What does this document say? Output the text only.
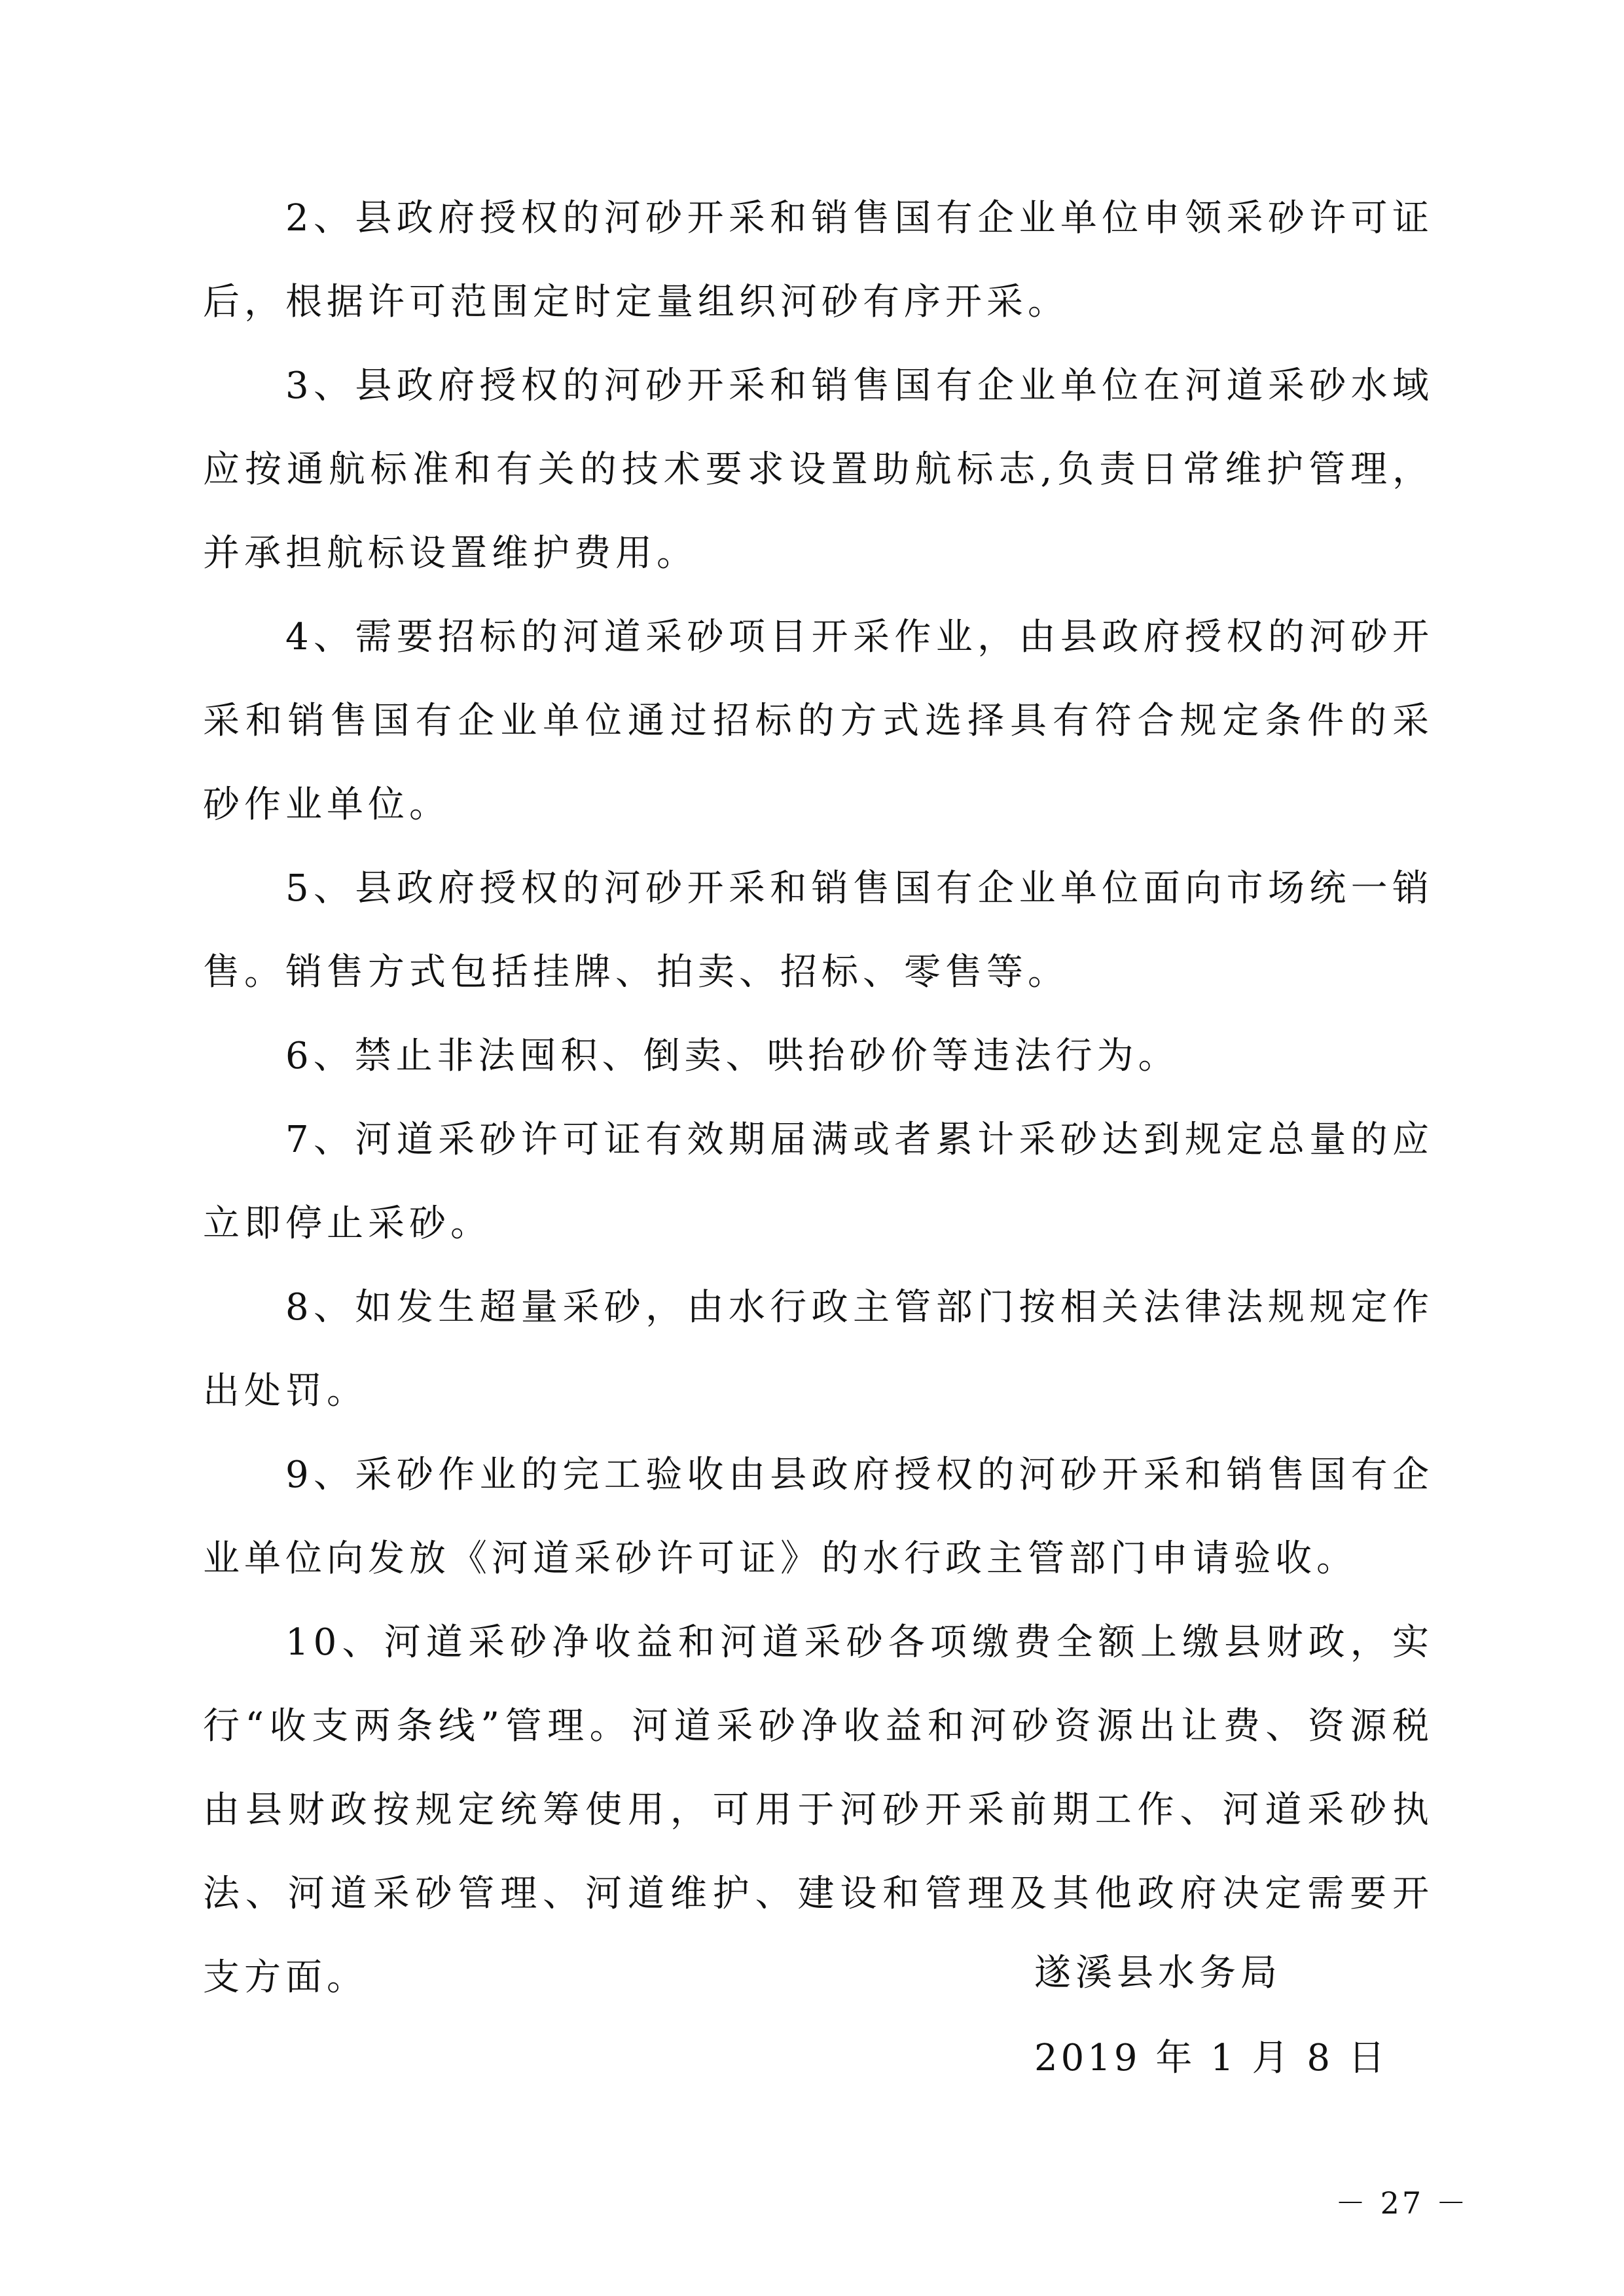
2、县政府授权的河砂开采和销售国有企业单位申领采砂许可证后，根据许可范围定时定量组织河砂有序开采。

3、县政府授权的河砂开采和销售国有企业单位在河道采砂水域应按通航标准和有关的技术要求设置助航标志,负责日常维护管理，并承担航标设置维护费用。

4、需要招标的河道采砂项目开采作业，由县政府授权的河砂开采和销售国有企业单位通过招标的方式选择具有符合规定条件的采砂作业单位。

5、县政府授权的河砂开采和销售国有企业单位面向市场统一销售。销售方式包括挂牌、拍卖、招标、零售等。

6、禁止非法囤积、倒卖、哄抬砂价等违法行为。

7、河道采砂许可证有效期届满或者累计采砂达到规定总量的应立即停止采砂。

8、如发生超量采砂，由水行政主管部门按相关法律法规规定作出处罚。

9、采砂作业的完工验收由县政府授权的河砂开采和销售国有企业单位向发放《河道采砂许可证》的水行政主管部门申请验收。

10、河道采砂净收益和河道采砂各项缴费全额上缴县财政，实行“收支两条线”管理。河道采砂净收益和河砂资源出让费、资源税由县财政按规定统筹使用，可用于河砂开采前期工作、河道采砂执法、河道采砂管理、河道维护、建设和管理及其他政府决定需要开支方面。	遂溪县水务局
2019 年 1 月 8 日
－ 27 －
